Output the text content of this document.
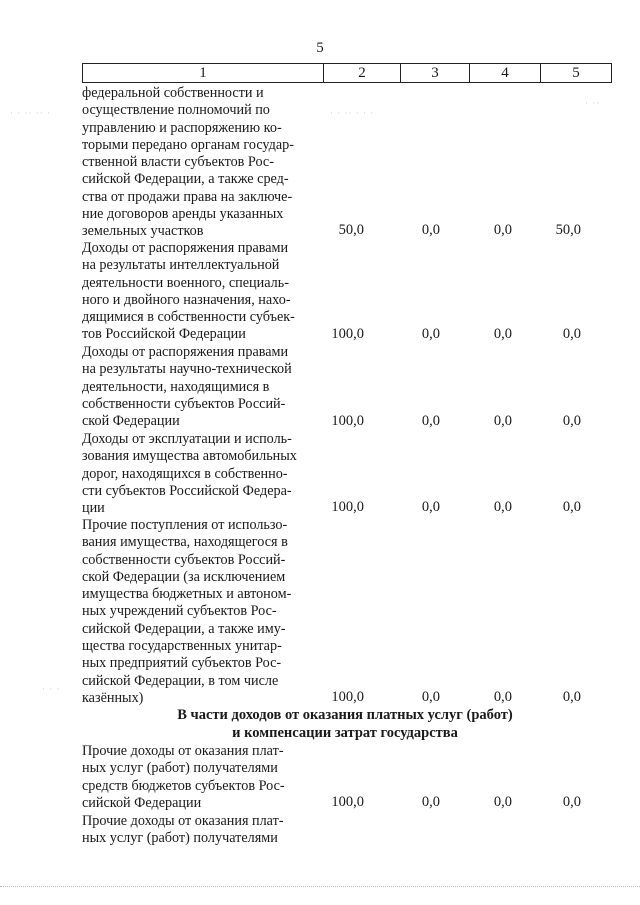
5
1	2	3	4	5
федеральной собственности и
осуществление полномочий по
управлению и распоряжению ко-
торыми передано органам государ-
ственной власти субъектов Рос-
сийской Федерации, а также сред-
ства от продажи права на заключе-
ние договоров аренды указанных
земельных участков	50,0	0,0	0,0	50,0
Доходы от распоряжения правами
на результаты интеллектуальной
деятельности военного, специаль-
ного и двойного назначения, нахо-
дящимися в собственности субъек-
тов Российской Федерации	100,0	0,0	0,0	0,0
Доходы от распоряжения правами
на результаты научно-технической
деятельности, находящимися в
собственности субъектов Россий-
ской Федерации	100,0	0,0	0,0	0,0
Доходы от эксплуатации и исполь-
зования имущества автомобильных
дорог, находящихся в собственно-
сти субъектов Российской Федера-
ции	100,0	0,0	0,0	0,0
Прочие поступления от использо-
вания имущества, находящегося в
собственности субъектов Россий-
ской Федерации (за исключением
имущества бюджетных и автоном-
ных учреждений субъектов Рос-
сийской Федерации, а также иму-
щества государственных унитар-
ных предприятий субъектов Рос-
сийской Федерации, в том числе
казённых)	100,0	0,0	0,0	0,0
В части доходов от оказания платных услуг (работ)
и компенсации затрат государства
Прочие доходы от оказания плат-
ных услуг (работ) получателями
средств бюджетов субъектов Рос-
сийской Федерации	100,0	0,0	0,0	0,0
Прочие доходы от оказания плат-
ных услуг (работ) получателями
· · ·· ·· ·	· · ·· · · ·
· ··
· · ·
